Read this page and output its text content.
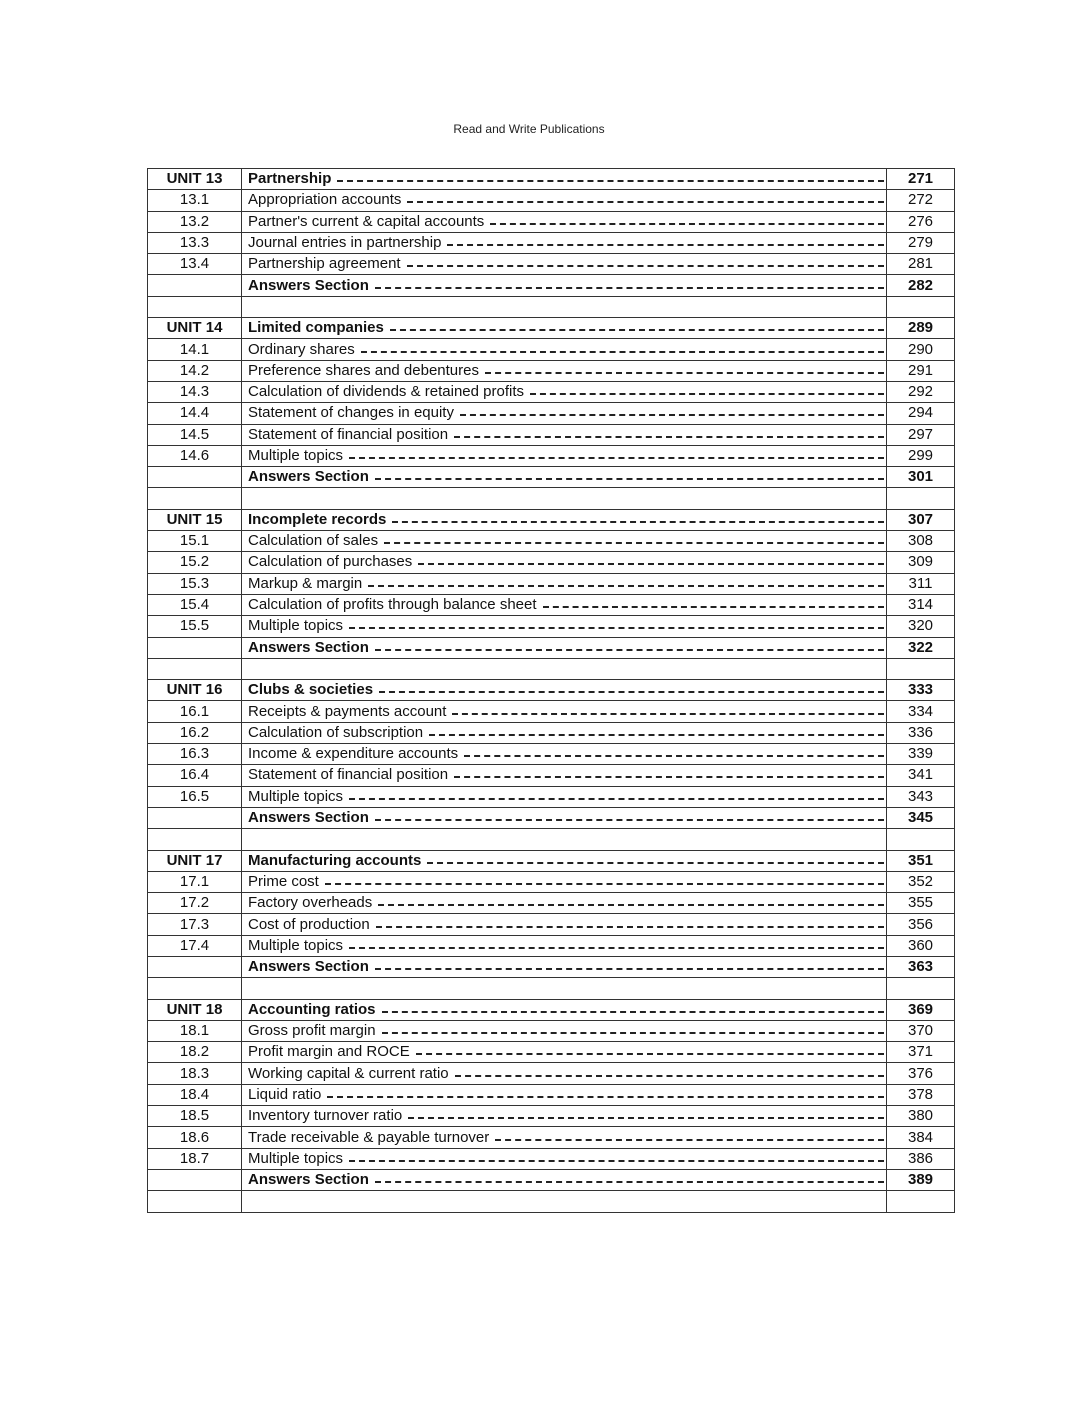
Read and Write Publications
UNIT 13	Partnership	271
13.1	Appropriation accounts	272
13.2	Partner's current & capital accounts	276
13.3	Journal entries in partnership	279
13.4	Partnership agreement	281

	Answers Section	282

UNIT 14	Limited companies	289
14.1	Ordinary shares	290
14.2	Preference shares and debentures	291
14.3	Calculation of dividends & retained profits	292
14.4	Statement of changes in equity	294
14.5	Statement of financial position	297
14.6	Multiple topics	299

	Answers Section	301

UNIT 15	Incomplete records	307
15.1	Calculation of sales	308
15.2	Calculation of purchases	309
15.3	Markup & margin	311
15.4	Calculation of profits through balance sheet	314
15.5	Multiple topics	320

	Answers Section	322

UNIT 16	Clubs & societies	333
16.1	Receipts & payments account	334
16.2	Calculation of subscription	336
16.3	Income & expenditure accounts	339
16.4	Statement of financial position	341
16.5	Multiple topics	343

	Answers Section	345

UNIT 17	Manufacturing accounts	351
17.1	Prime cost	352
17.2	Factory overheads	355
17.3	Cost of production	356
17.4	Multiple topics	360

	Answers Section	363

UNIT 18	Accounting ratios	369
18.1	Gross profit margin	370
18.2	Profit margin and ROCE	371
18.3	Working capital & current ratio	376
18.4	Liquid ratio	378
18.5	Inventory turnover ratio	380
18.6	Trade receivable & payable turnover	384
18.7	Multiple topics	386

	Answers Section	389
